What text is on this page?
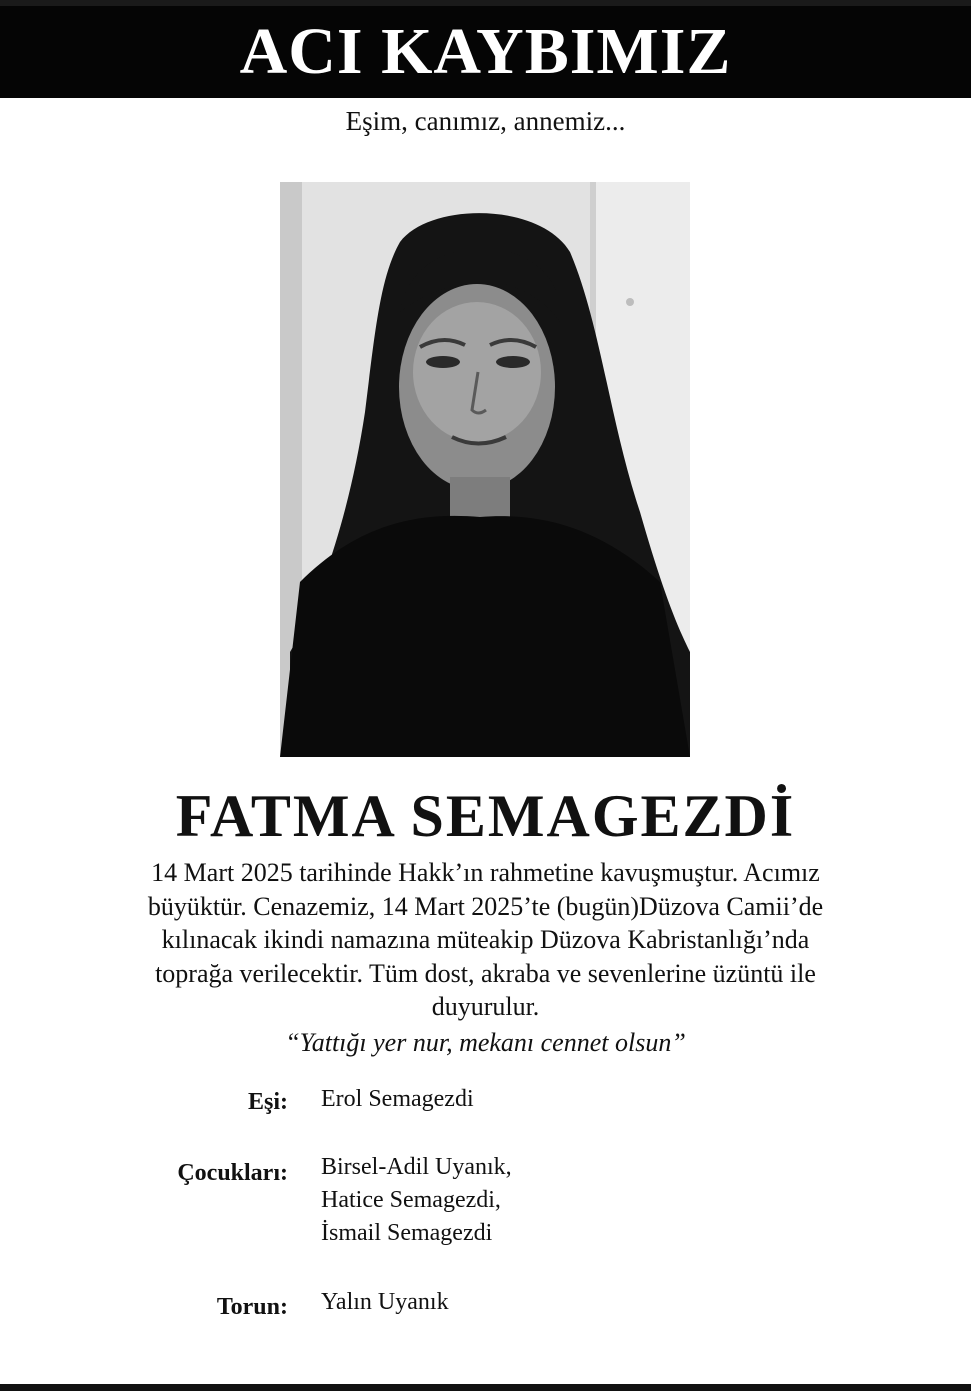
ACI KAYBIMIZ
Eşim, canımız, annemiz...
FATMA SEMAGEZDİ
14 Mart 2025 tarihinde Hakk’ın rahmetine kavuşmuştur. Acımız
büyüktür. Cenazemiz, 14 Mart 2025’te (bugün)Düzova Camii’de
kılınacak ikindi namazına müteakip Düzova Kabristanlığı’nda
toprağa verilecektir. Tüm dost, akraba ve sevenlerine üzüntü ile
duyurulur.
“Yattığı yer nur, mekanı cennet olsun”
Eşi: Erol Semagezdi
Çocukları: Birsel-Adil Uyanık,
Hatice Semagezdi,
İsmail Semagezdi
Torun: Yalın Uyanık
